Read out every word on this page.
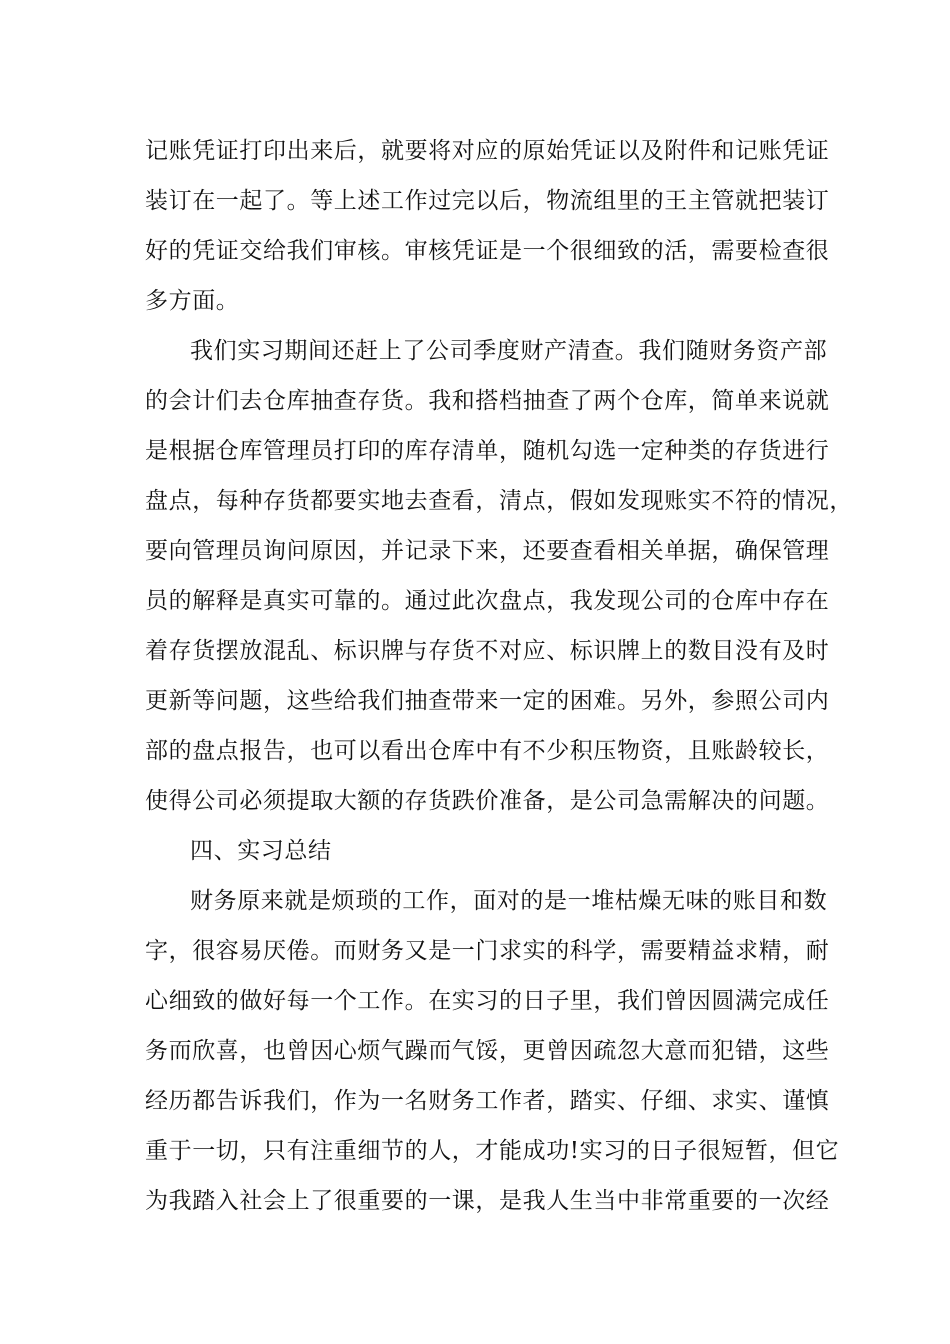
记账凭证打印出来后，就要将对应的原始凭证以及附件和记账凭证
装订在一起了。等上述工作过完以后，物流组里的王主管就把装订
好的凭证交给我们审核。审核凭证是一个很细致的活，需要检查很
多方面。
我们实习期间还赶上了公司季度财产清查。我们随财务资产部
的会计们去仓库抽查存货。我和搭档抽查了两个仓库，简单来说就
是根据仓库管理员打印的库存清单，随机勾选一定种类的存货进行
盘点，每种存货都要实地去查看，清点，假如发现账实不符的情况，
要向管理员询问原因，并记录下来，还要查看相关单据，确保管理
员的解释是真实可靠的。通过此次盘点，我发现公司的仓库中存在
着存货摆放混乱、标识牌与存货不对应、标识牌上的数目没有及时
更新等问题，这些给我们抽查带来一定的困难。另外，参照公司内
部的盘点报告，也可以看出仓库中有不少积压物资，且账龄较长，
使得公司必须提取大额的存货跌价准备，是公司急需解决的问题。
四、实习总结
财务原来就是烦琐的工作，面对的是一堆枯燥无味的账目和数
字，很容易厌倦。而财务又是一门求实的科学，需要精益求精，耐
心细致的做好每一个工作。在实习的日子里，我们曾因圆满完成任
务而欣喜，也曾因心烦气躁而气馁，更曾因疏忽大意而犯错，这些
经历都告诉我们，作为一名财务工作者，踏实、仔细、求实、谨慎
重于一切，只有注重细节的人，才能成功!实习的日子很短暂，但它
为我踏入社会上了很重要的一课，是我人生当中非常重要的一次经
